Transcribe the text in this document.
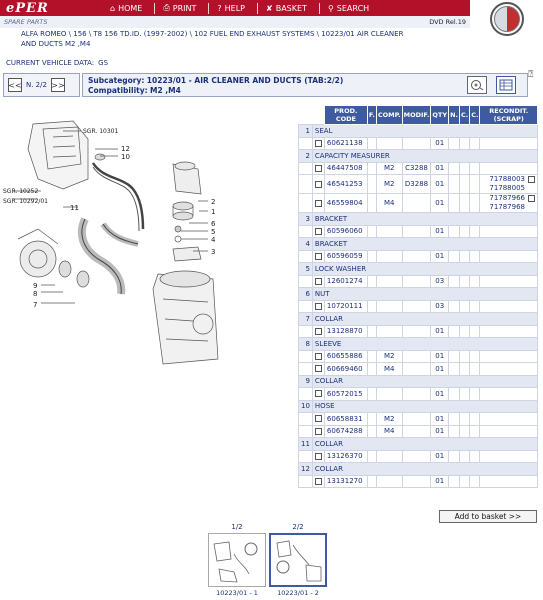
ePER	⌂ HOME	⎙ PRINT	? HELP	✘ BASKET	⚲ SEARCH
SPARE PARTS	DVD Rel.19
ALFA ROMEO \ 156 \ T8 156 TD.ID. (1997-2002) \ 102 FUEL END EXHAUST SYSTEMS \ 10223/01 AIR CLEANER AND DUCTS M2 ,M4
CURRENT VEHICLE DATA: GS
<< N. 2/2 >>	Subcategory: 10223/01 - AIR CLEANER AND DUCTS (TAB:2/2)
Compatibility: M2 ,M4
⍰
SGR. 10301
12
10
SGR. 10252
SGR. 10292/01
11
2
1
6
5
4
3
9
8
7
		PROD. CODE	F.	COMP.	MODIF.	QTY	N.	C.	C.	RECONDIT. (SCRAP)
1	SEAL									
		60621138				01				
2	CAPACITY MEASURER									
		46447508		M2	C3288	01				
		46541253		M2	D3288	01				71788003
71788005

		46559804		M4		01				71787966
71787968

3	BRACKET									
		60596060				01				
4	BRACKET									
		60596059				01				
5	LOCK WASHER									
		12601274				03				
6	NUT									
		10720111				03				
7	COLLAR									
		13128870				01				
8	SLEEVE									
		60655886		M2		01				
		60669460		M4		01				
9	COLLAR									
		60572015				01				
10	HOSE									
		60658831		M2		01				
		60674288		M4		01				
11	COLLAR									
		13126370				01				
12	COLLAR									
		13131270				01				
Add to basket >>
1/2
10223/01 - 1
2/2
10223/01 - 2
